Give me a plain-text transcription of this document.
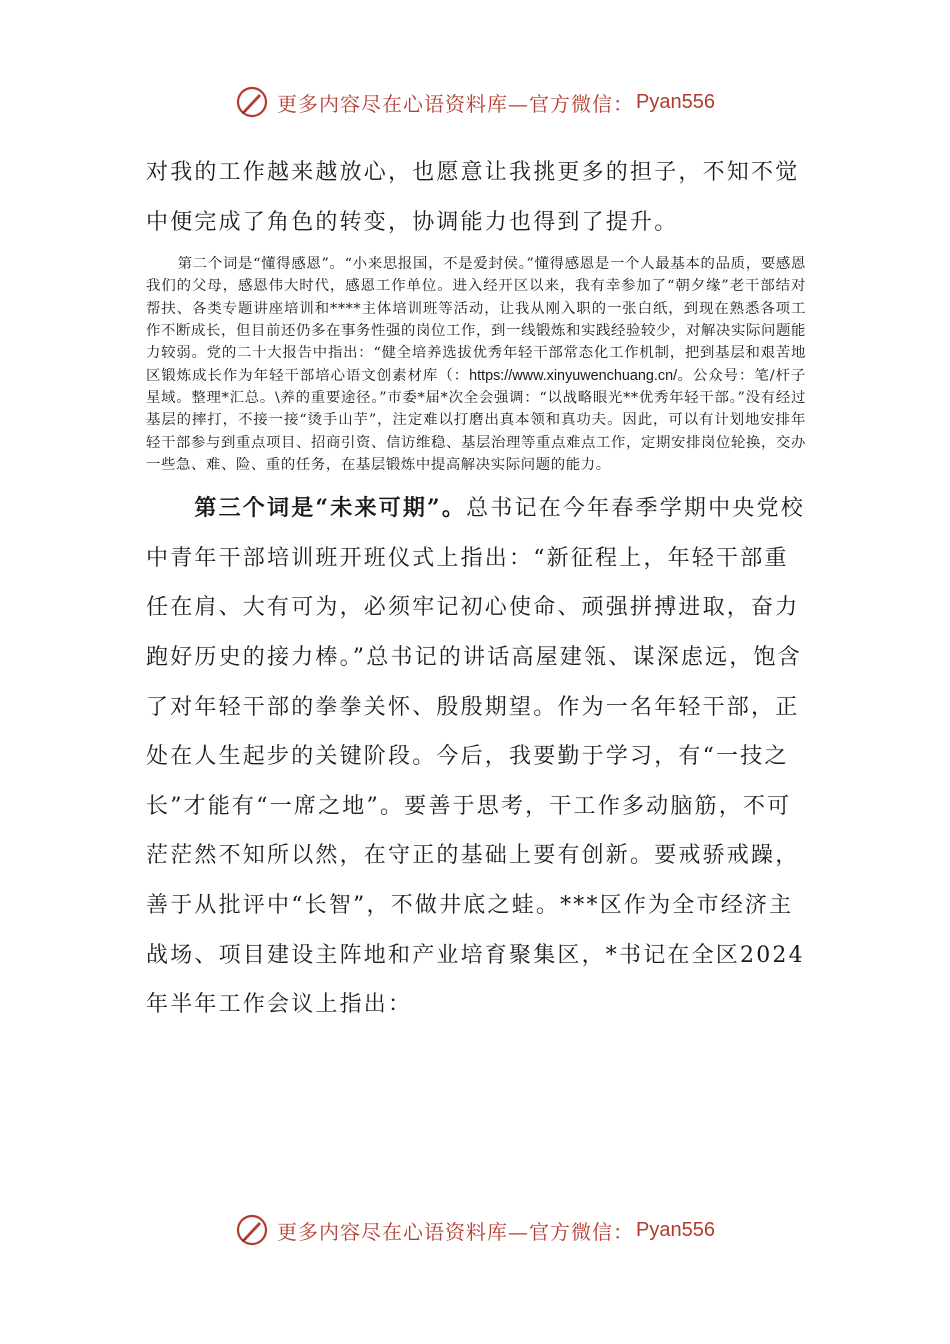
更多内容尽在心语资料库—官方微信： Pyan556

对我的工作越来越放心，也愿意让我挑更多的担子，不知不觉中便完成了角色的转变，协调能力也得到了提升。

第二个词是“懂得感恩”。“小来思报国，不是爱封侯。”懂得感恩是一个人最基本的品质，要感恩我们的父母，感恩伟大时代，感恩工作单位。进入经开区以来，我有幸参加了“朝夕缘”老干部结对帮扶、各类专题讲座培训和****主体培训班等活动，让我从刚入职的一张白纸，到现在熟悉各项工作不断成长，但目前还仍多在事务性强的岗位工作，到一线锻炼和实践经验较少，对解决实际问题能力较弱。党的二十大报告中指出：“健全培养选拔优秀年轻干部常态化工作机制，把到基层和艰苦地区锻炼成长作为年轻干部培心语文创素材库（：https://www.xinyuwenchuang.cn/。公众号：笔/杆子星域。整理*汇总。\养的重要途径。”市委*届*次全会强调：“以战略眼光**优秀年轻干部。”没有经过基层的摔打，不接一接“烫手山芋”，注定难以打磨出真本领和真功夫。因此，可以有计划地安排年轻干部参与到重点项目、招商引资、信访维稳、基层治理等重点难点工作，定期安排岗位轮换，交办一些急、难、险、重的任务，在基层锻炼中提高解决实际问题的能力。

第三个词是“未来可期”。总书记在今年春季学期中央党校中青年干部培训班开班仪式上指出：“新征程上，年轻干部重任在肩、大有可为，必须牢记初心使命、顽强拼搏进取，奋力跑好历史的接力棒。”总书记的讲话高屋建瓴、谋深虑远，饱含了对年轻干部的拳拳关怀、殷殷期望。作为一名年轻干部，正处在人生起步的关键阶段。今后，我要勤于学习，有“一技之长”才能有“一席之地”。要善于思考，干工作多动脑筋，不可茫茫然不知所以然，在守正的基础上要有创新。要戒骄戒躁，善于从批评中“长智”，不做井底之蛙。***区作为全市经济主战场、项目建设主阵地和产业培育聚集区，*书记在全区2024年半年工作会议上指出：

更多内容尽在心语资料库—官方微信： Pyan556
